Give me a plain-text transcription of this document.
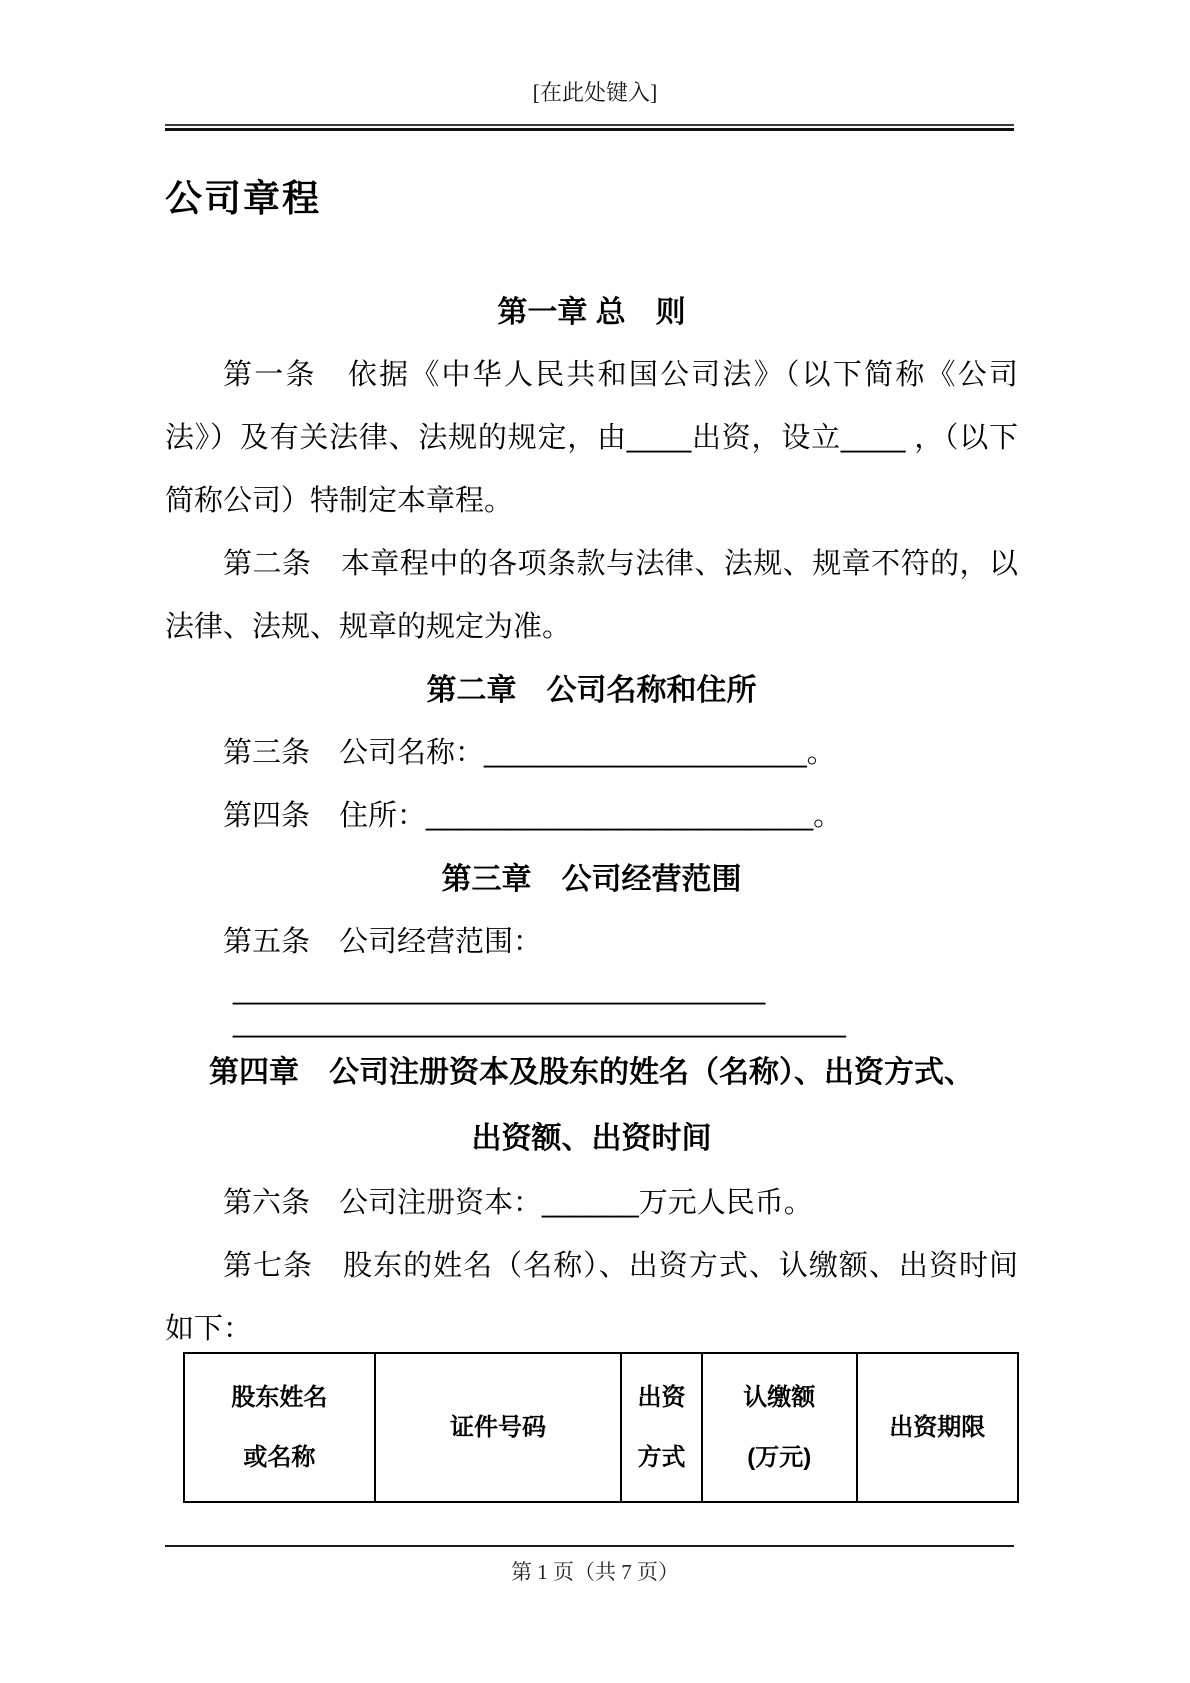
[在此处键入]
公司章程
第一章 总　则

第一条　依据《中华人民共和国公司法》（以下简称《公司法》）及有关法律、法规的规定，由____出资，设立____ ，（以下简称公司）特制定本章程。

第二条　本章程中的各项条款与法律、法规、规章不符的，以法律、法规、规章的规定为准。

第二章　公司名称和住所

第三条　公司名称：____________________。

第四条　住所：________________________。

第三章　公司经营范围

第五条　公司经营范围：

_________________________________

______________________________________

第四章　公司注册资本及股东的姓名（名称）、出资方式、
出资额、出资时间

第六条　公司注册资本：______万元人民币。

第七条　股东的姓名（名称）、出资方式、认缴额、出资时间如下：

股东姓名
或名称
证件号码
出资
方式
认缴额
(万元)
出资期限
第 1 页（共 7 页）
